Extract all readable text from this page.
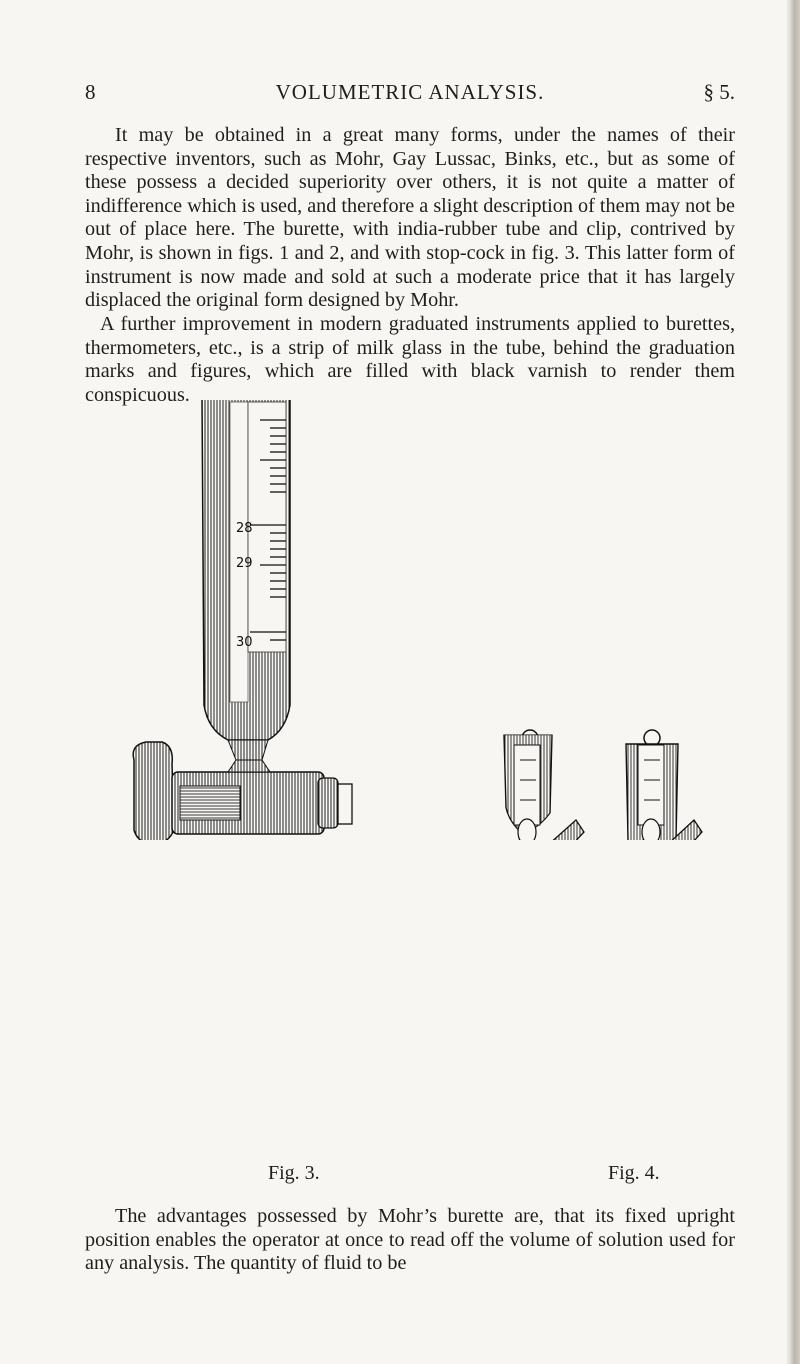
8	VOLUMETRIC ANALYSIS.	§ 5.

It may be obtained in a great many forms, under the names of their respective inventors, such as Mohr, Gay Lussac, Binks, etc., but as some of these possess a decided superiority over others, it is not quite a matter of indifference which is used, and therefore a slight description of them may not be out of place here. The burette, with india-rubber tube and clip, contrived by Mohr, is shown in figs. 1 and 2, and with stop-cock in fig. 3. This latter form of instrument is now made and sold at such a moderate price that it has largely displaced the original form designed by Mohr.

A further improvement in modern graduated instruments applied to burettes, thermometers, etc., is a strip of milk glass in the tube, behind the graduation marks and figures, which are filled with black varnish to render them conspicuous.

28
29
30
Fig. 3.	Fig. 4.

The advantages possessed by Mohr’s burette are, that its fixed upright position enables the operator at once to read off the volume of solution used for any analysis. The quantity of fluid to be
